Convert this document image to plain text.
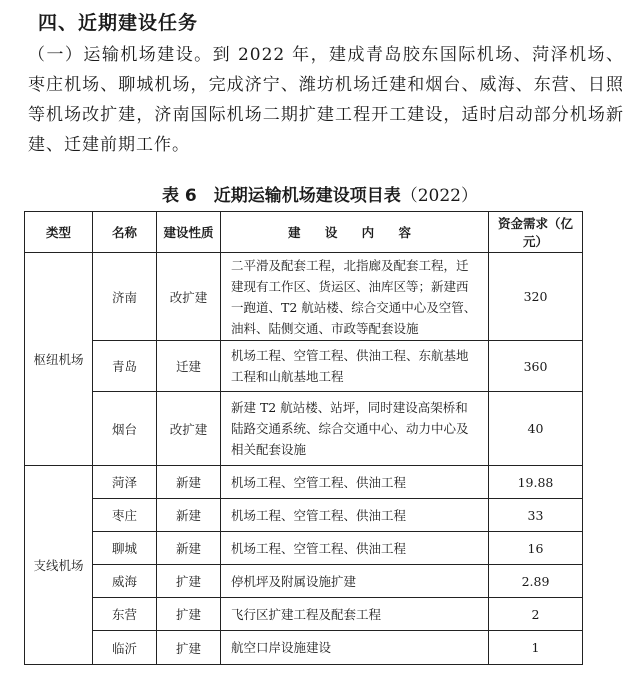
四、近期建设任务
（一）运输机场建设。到 2022 年，建成青岛胶东国际机场、菏泽机场、枣庄机场、聊城机场，完成济宁、潍坊机场迁建和烟台、威海、东营、日照等机场改扩建，济南国际机场二期扩建工程开工建设，适时启动部分机场新建、迁建前期工作。
表 6　近期运输机场建设项目表（2022）
类型	名称	建设性质	建 设 内 容	资金需求（亿元）
枢纽机场	济南	改扩建	二平滑及配套工程，北指廊及配套工程，迁建现有工作区、货运区、油库区等；新建西一跑道、T2 航站楼、综合交通中心及空管、油料、陆侧交通、市政等配套设施	320
	青岛	迁建	机场工程、空管工程、供油工程、东航基地工程和山航基地工程	360
	烟台	改扩建	新建 T2 航站楼、站坪，同时建设高架桥和陆路交通系统、综合交通中心、动力中心及相关配套设施	40
支线机场	菏泽	新建	机场工程、空管工程、供油工程	19.88
	枣庄	新建	机场工程、空管工程、供油工程	33
	聊城	新建	机场工程、空管工程、供油工程	16
	威海	扩建	停机坪及附属设施扩建	2.89
	东营	扩建	飞行区扩建工程及配套工程	2
	临沂	扩建	航空口岸设施建设	1
